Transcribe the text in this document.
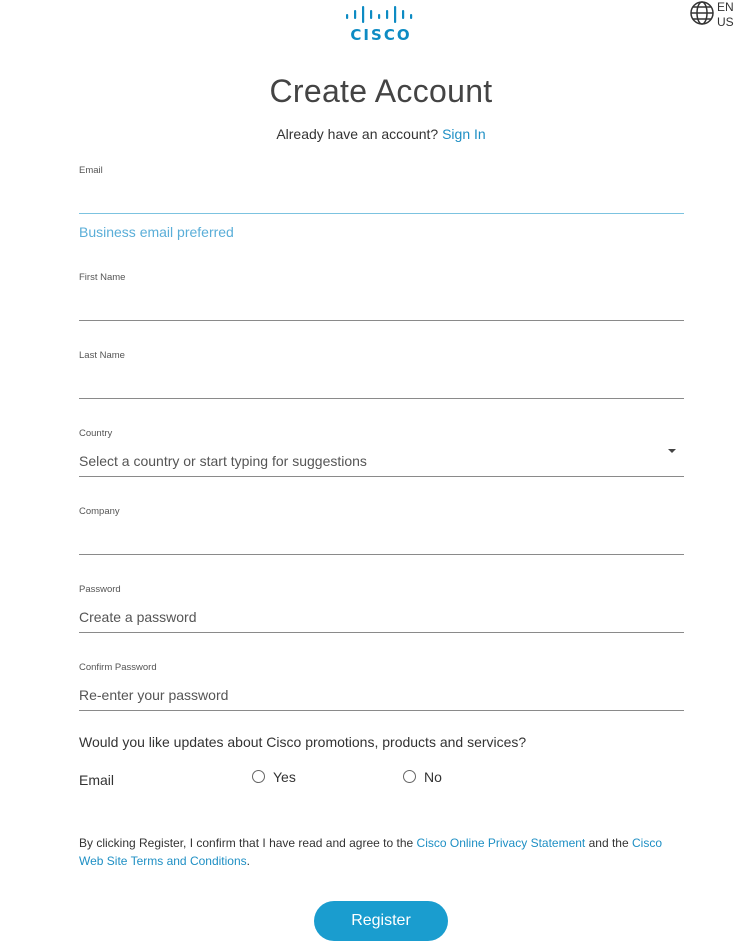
CISCO
EN
US
Create Account
Already have an account? Sign In
Email
Business email preferred
First Name
Last Name
Country
Select a country or start typing for suggestions
Company
Password
Create a password
Confirm Password
Re-enter your password
Would you like updates about Cisco promotions, products and services?
Email	Yes	No
By clicking Register, I confirm that I have read and agree to the Cisco Online Privacy Statement and the Cisco Web Site Terms and Conditions.
Register
